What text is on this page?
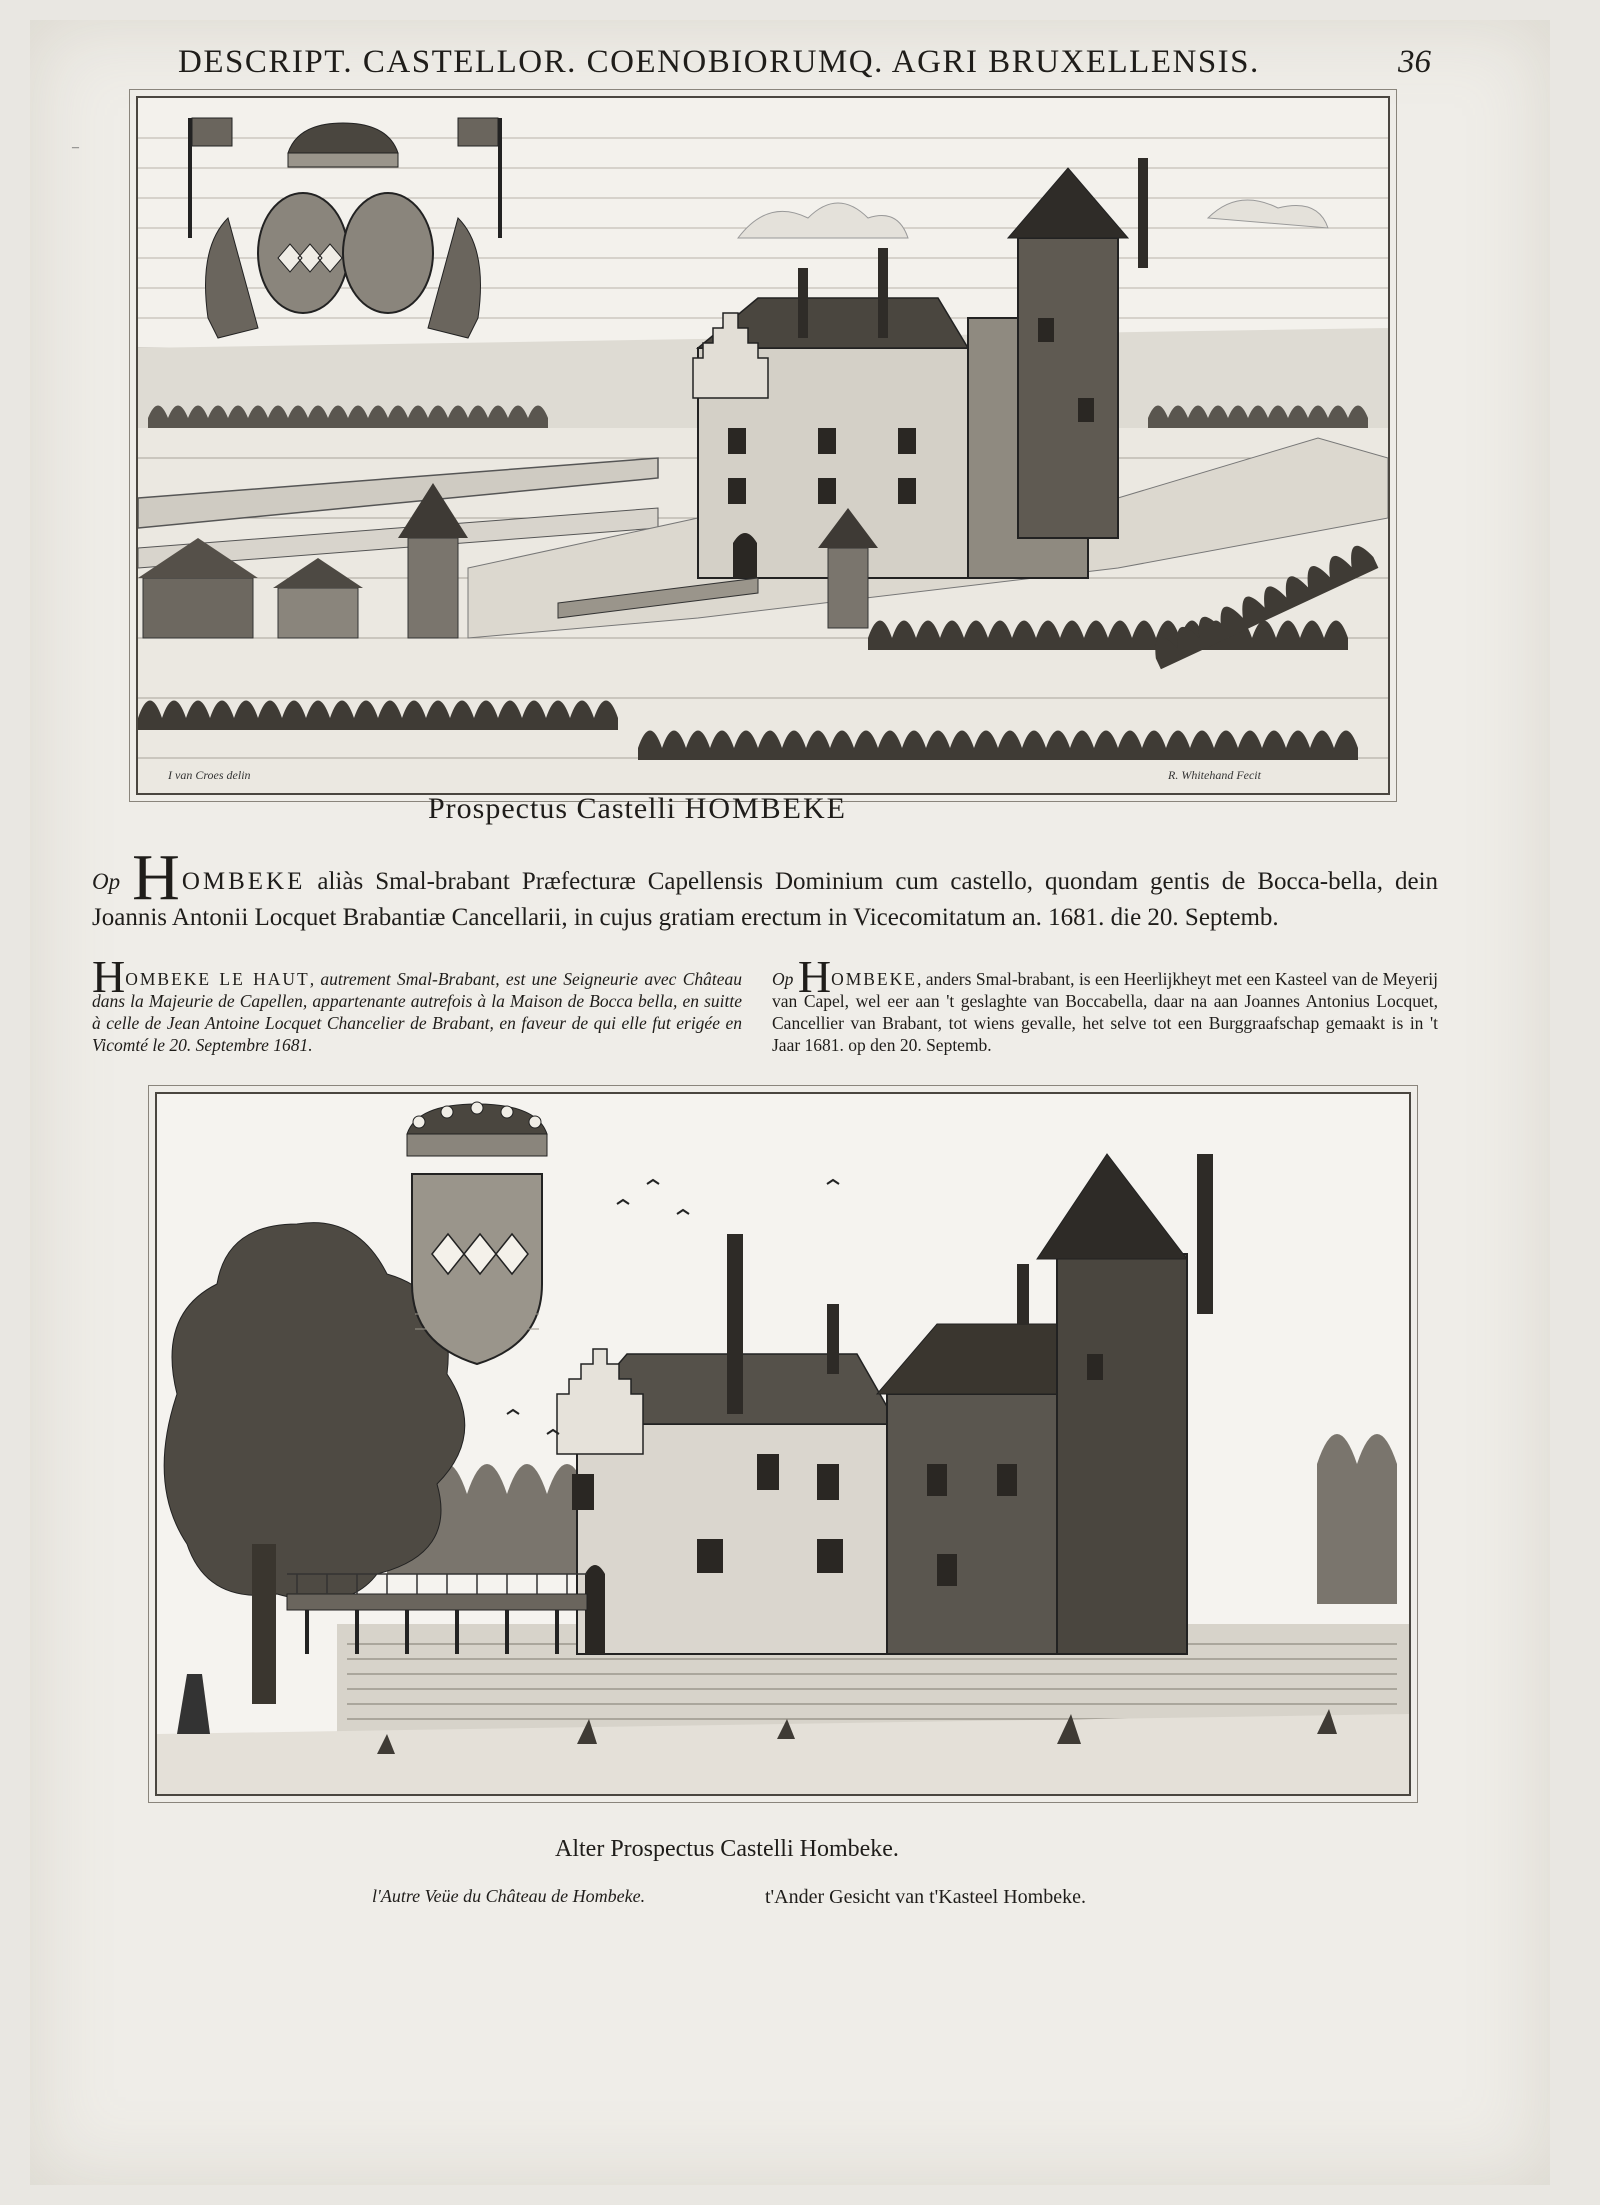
–
DESCRIPT. CASTELLOR. COENOBIORUMQ. AGRI BRUXELLENSIS.	36
I van Croes delin	R. Whitehand Fecit
Prospectus Castelli HOMBEKE
Op HOMBEKE aliàs Smal-brabant Præfecturæ Capellensis Dominium cum castello, quondam gentis de Bocca-bella, dein Joannis Antonii Locquet Brabantiæ Cancellarii, in cujus gratiam erectum in Vicecomitatum an. 1681. die 20. Septemb.
HOMBEKE LE HAUT, autrement Smal-Brabant, est une Seigneurie avec Château dans la Majeurie de Capellen, appartenante autrefois à la Maison de Bocca bella, en suitte à celle de Jean Antoine Locquet Chancelier de Brabant, en faveur de qui elle fut erigée en Vicomté le 20. Septembre 1681.
Op HOMBEKE, anders Smal-brabant, is een Heerlijkheyt met een Kasteel van de Meyerij van Capel, wel eer aan 't geslaghte van Boccabella, daar na aan Joannes Antonius Locquet, Cancellier van Brabant, tot wiens gevalle, het selve tot een Burggraafschap gemaakt is in 't Jaar 1681. op den 20. Septemb.
Alter Prospectus Castelli Hombeke.
l'Autre Veüe du Château de Hombeke.	t'Ander Gesicht van t'Kasteel Hombeke.
